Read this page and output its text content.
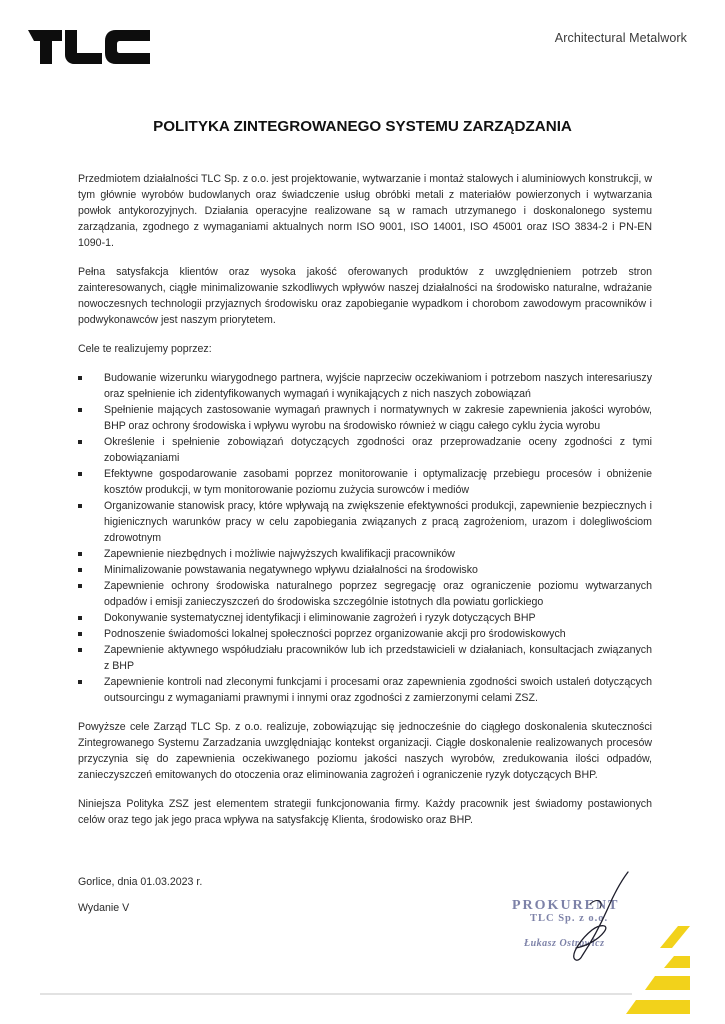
Architectural Metalwork
POLITYKA ZINTEGROWANEGO SYSTEMU ZARZĄDZANIA

Przedmiotem działalności TLC Sp. z o.o. jest projektowanie, wytwarzanie i montaż stalowych i aluminiowych konstrukcji, w tym głównie wyrobów budowlanych oraz świadczenie usług obróbki metali z materiałów powierzonych i wytwarzania powłok antykorozyjnych. Działania operacyjne realizowane są w ramach utrzymanego i doskonalonego systemu zarządzania, zgodnego z wymaganiami aktualnych norm ISO 9001, ISO 14001, ISO 45001 oraz ISO 3834-2 i PN-EN 1090-1.

Pełna satysfakcja klientów oraz wysoka jakość oferowanych produktów z uwzględnieniem potrzeb stron zainteresowanych, ciągłe minimalizowanie szkodliwych wpływów naszej działalności na środowisko naturalne, wdrażanie nowoczesnych technologii przyjaznych środowisku oraz zapobieganie wypadkom i chorobom zawodowym pracowników i podwykonawców jest naszym priorytetem.

Cele te realizujemy poprzez:

Budowanie wizerunku wiarygodnego partnera, wyjście naprzeciw oczekiwaniom i potrzebom naszych interesariuszy oraz spełnienie ich zidentyfikowanych wymagań i wynikających z nich naszych zobowiązań
Spełnienie mających zastosowanie wymagań prawnych i normatywnych w zakresie zapewnienia jakości wyrobów, BHP oraz ochrony środowiska i wpływu wyrobu na środowisko również w ciągu całego cyklu życia wyrobu
Określenie i spełnienie zobowiązań dotyczących zgodności oraz przeprowadzanie oceny zgodności z tymi zobowiązaniami
Efektywne gospodarowanie zasobami poprzez monitorowanie i optymalizację przebiegu procesów i obniżenie kosztów produkcji, w tym monitorowanie poziomu zużycia surowców i mediów
Organizowanie stanowisk pracy, które wpływają na zwiększenie efektywności produkcji, zapewnienie bezpiecznych i higienicznych warunków pracy w celu zapobiegania związanych z pracą zagrożeniom, urazom i dolegliwościom zdrowotnym
Zapewnienie niezbędnych i możliwie najwyższych kwalifikacji pracowników
Minimalizowanie powstawania negatywnego wpływu działalności na środowisko
Zapewnienie ochrony środowiska naturalnego poprzez segregację oraz ograniczenie poziomu wytwarzanych odpadów i emisji zanieczyszczeń do środowiska szczególnie istotnych dla powiatu gorlickiego
Dokonywanie systematycznej identyfikacji i eliminowanie zagrożeń i ryzyk dotyczących BHP
Podnoszenie świadomości lokalnej społeczności poprzez organizowanie akcji pro środowiskowych
Zapewnienie aktywnego współudziału pracowników lub ich przedstawicieli w działaniach, konsultacjach związanych z BHP
Zapewnienie kontroli nad zleconymi funkcjami i procesami oraz zapewnienia zgodności swoich ustaleń dotyczących outsourcingu z wymaganiami prawnymi i innymi oraz zgodności z zamierzonymi celami ZSZ.

Powyższe cele Zarząd TLC Sp. z o.o. realizuje, zobowiązując się jednocześnie do ciągłego doskonalenia skuteczności Zintegrowanego Systemu Zarzadzania uwzględniając kontekst organizacji. Ciągłe doskonalenie realizowanych procesów przyczynia się do zapewnienia oczekiwanego poziomu jakości naszych wyrobów, zredukowania ilości odpadów, zanieczyszczeń emitowanych do otoczenia oraz eliminowania zagrożeń i ograniczenie ryzyk dotyczących BHP.

Niniejsza Polityka ZSZ jest elementem strategii funkcjonowania firmy. Każdy pracownik jest świadomy postawionych celów oraz tego jak jego praca wpływa na satysfakcję Klienta, środowisko oraz BHP.

Gorlice, dnia 01.03.2023 r.
Wydanie V	PROKURENT
TLC Sp. z o.o.
Łukasz Ostrowicz
